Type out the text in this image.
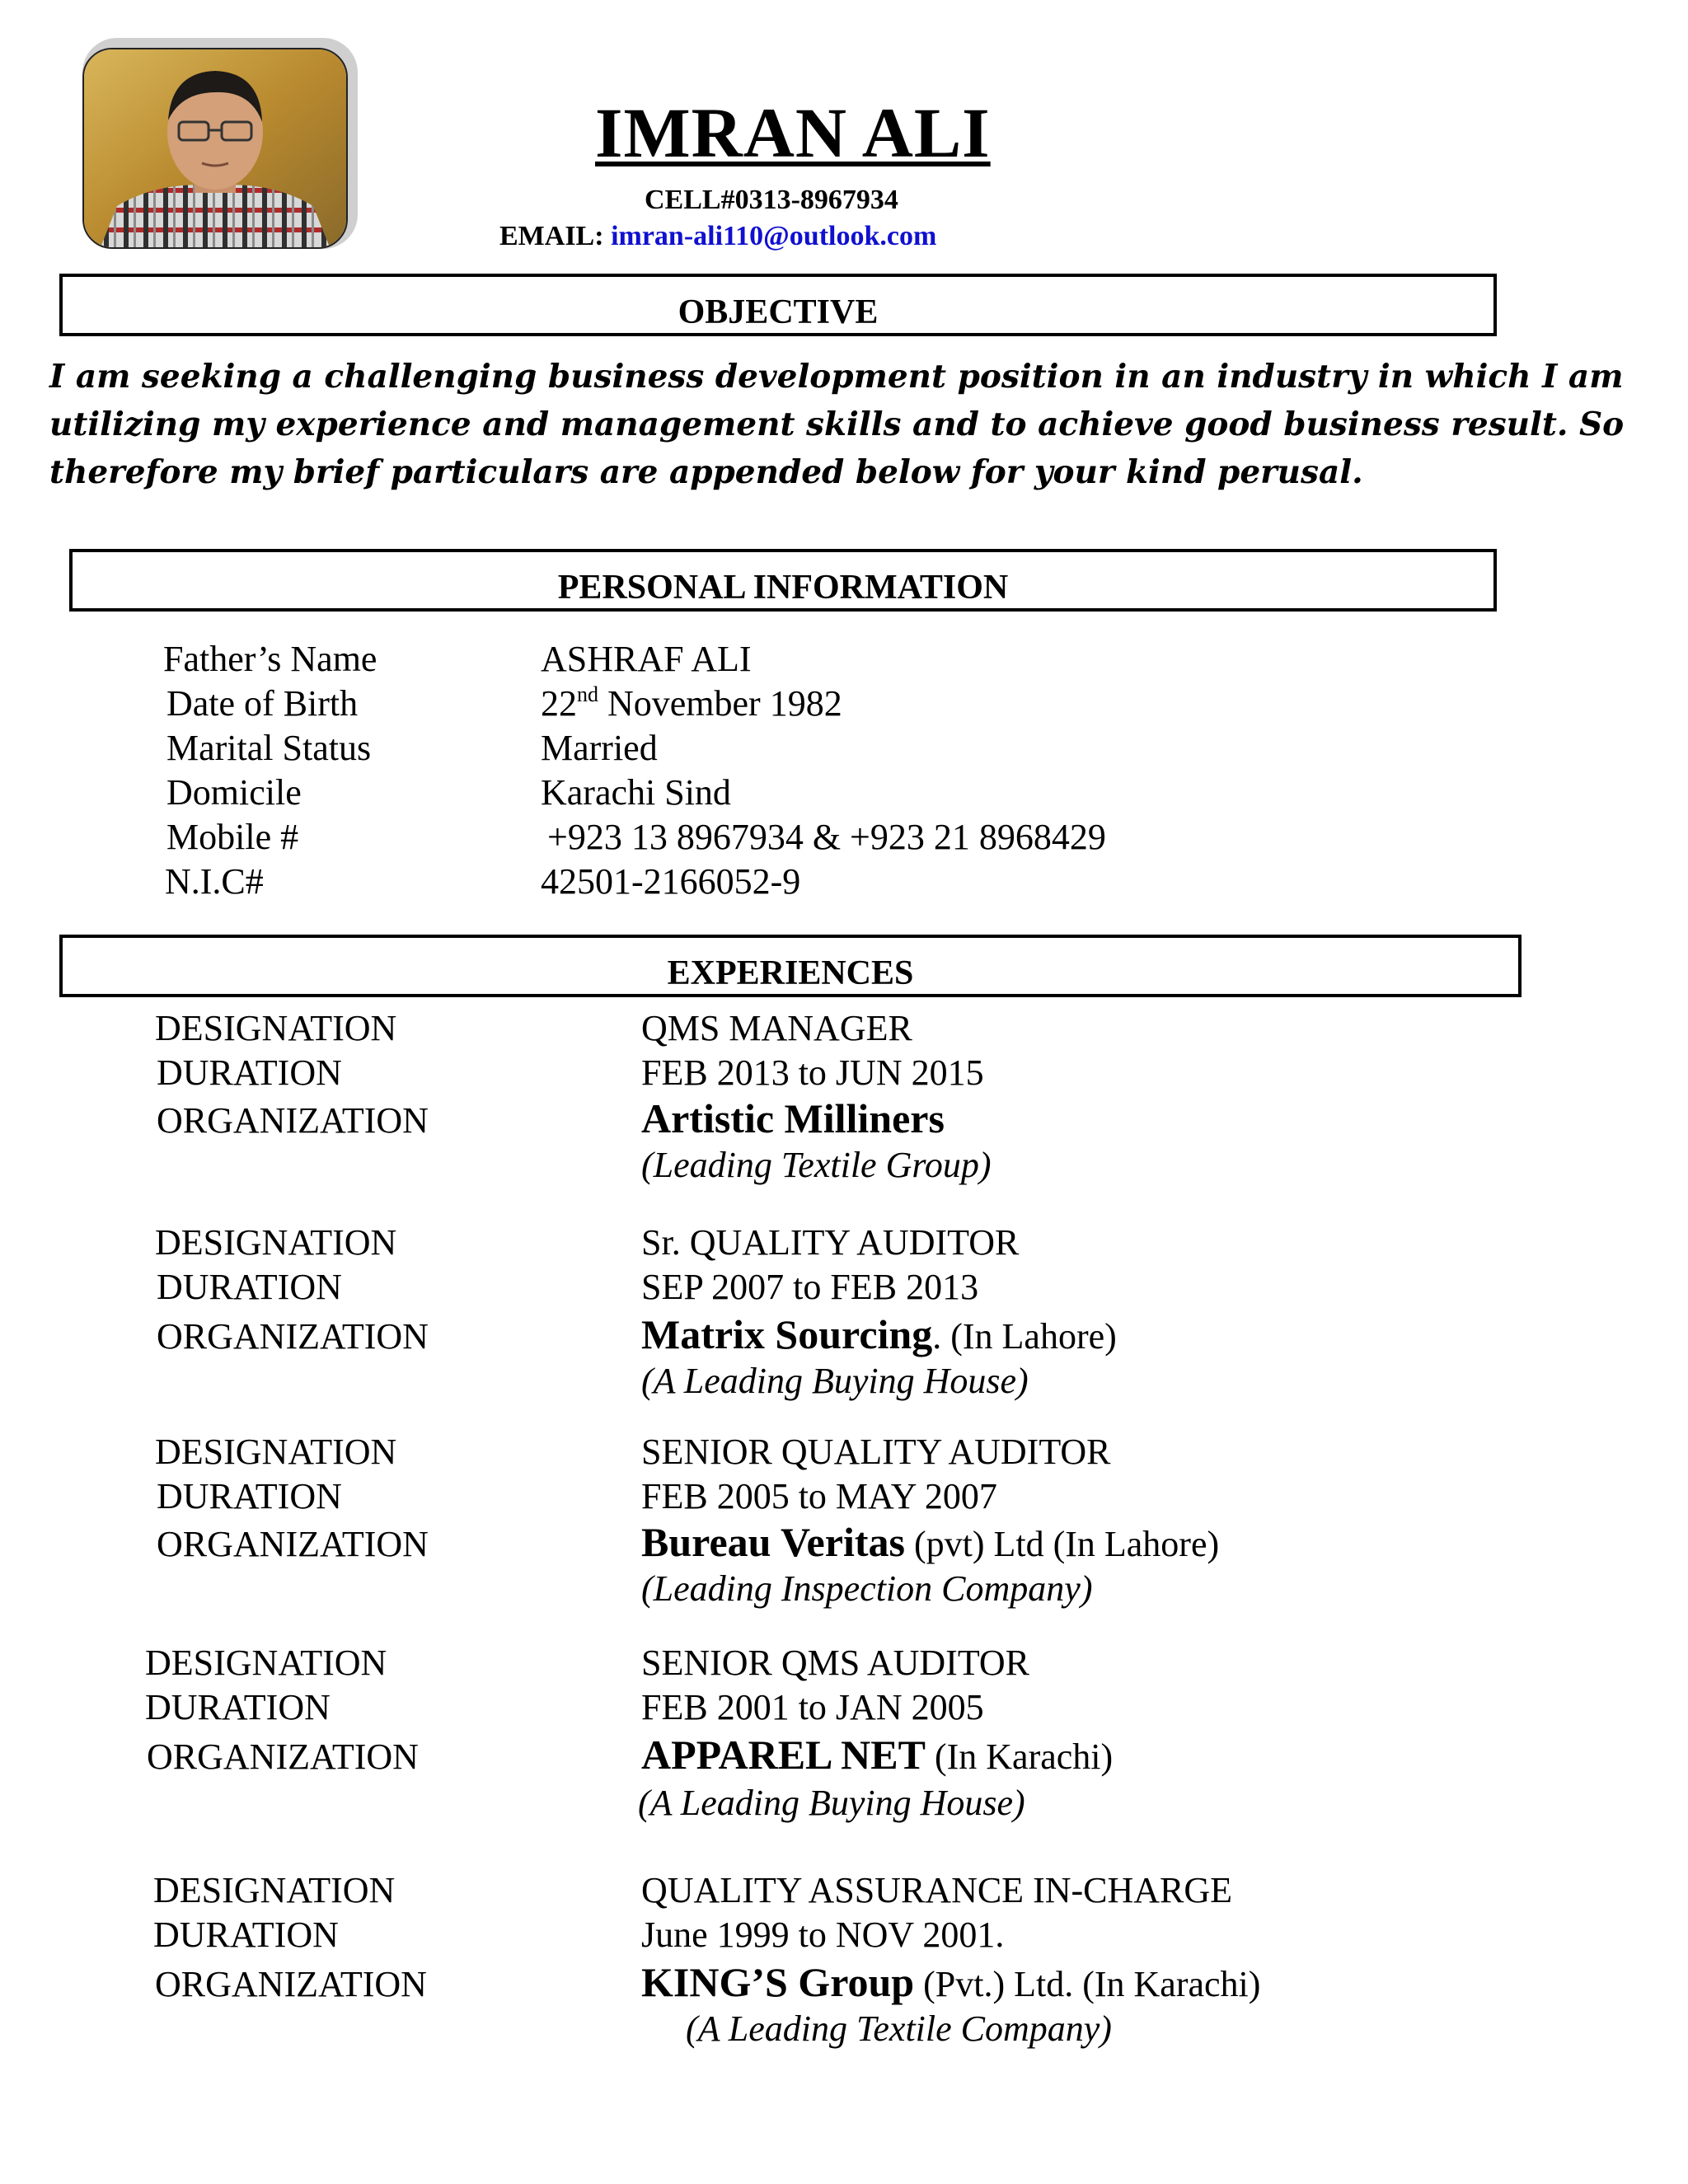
IMRAN ALI
CELL#0313-8967934
EMAIL: imran-ali110@outlook.com
OBJECTIVE
I am seeking a challenging business development position in an industry in which I am utilizing my experience and management skills and to achieve good business result. So therefore my brief particulars are appended below for your kind perusal.
PERSONAL INFORMATION
Father’s Name	ASHRAF ALI
Date of Birth	22nd November 1982
Marital Status	Married
Domicile	Karachi Sind
Mobile #	+923 13 8967934 & +923 21 8968429
N.I.C#	42501-2166052-9
EXPERIENCES
DESIGNATION	QMS MANAGER
DURATION	FEB 2013 to JUN 2015
ORGANIZATION	Artistic Milliners
(Leading Textile Group)
DESIGNATION	Sr. QUALITY AUDITOR
DURATION	SEP 2007 to FEB 2013
ORGANIZATION	Matrix Sourcing. (In Lahore)
(A Leading Buying House)
DESIGNATION	SENIOR QUALITY AUDITOR
DURATION	FEB 2005 to MAY 2007
ORGANIZATION	Bureau Veritas (pvt) Ltd (In Lahore)
(Leading Inspection Company)
DESIGNATION	SENIOR QMS AUDITOR
DURATION	FEB 2001 to JAN 2005
ORGANIZATION	APPAREL NET (In Karachi)
(A Leading Buying House)
DESIGNATION	QUALITY ASSURANCE IN-CHARGE
DURATION	June 1999 to NOV 2001.
ORGANIZATION	KING’S Group (Pvt.) Ltd. (In Karachi)
(A Leading Textile Company)
